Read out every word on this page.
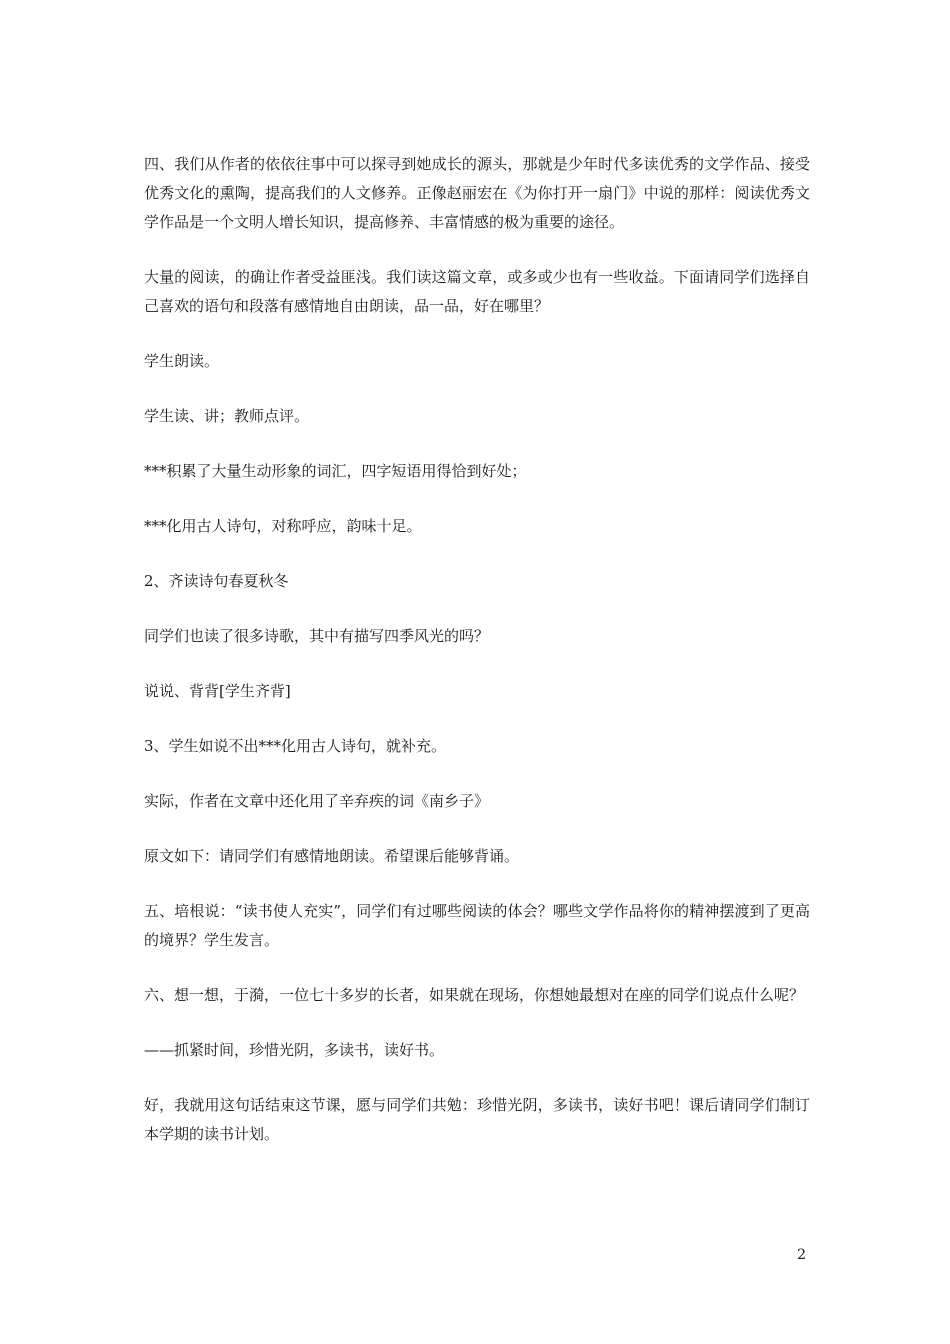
四、我们从作者的依依往事中可以探寻到她成长的源头，那就是少年时代多读优秀的文学作品、接受优秀文化的熏陶，提高我们的人文修养。正像赵丽宏在《为你打开一扇门》中说的那样：阅读优秀文学作品是一个文明人增长知识，提高修养、丰富情感的极为重要的途径。

大量的阅读，的确让作者受益匪浅。我们读这篇文章，或多或少也有一些收益。下面请同学们选择自己喜欢的语句和段落有感情地自由朗读，品一品，好在哪里？

学生朗读。

学生读、讲；教师点评。

***积累了大量生动形象的词汇，四字短语用得恰到好处；

***化用古人诗句，对称呼应，韵味十足。

2、齐读诗句春夏秋冬

同学们也读了很多诗歌，其中有描写四季风光的吗？

说说、背背[学生齐背]

3、学生如说不出***化用古人诗句，就补充。

实际，作者在文章中还化用了辛弃疾的词《南乡子》

原文如下：请同学们有感情地朗读。希望课后能够背诵。

五、培根说：“读书使人充实”，同学们有过哪些阅读的体会？哪些文学作品将你的精神摆渡到了更高的境界？学生发言。

六、想一想，于漪，一位七十多岁的长者，如果就在现场，你想她最想对在座的同学们说点什么呢？

——抓紧时间，珍惜光阴，多读书，读好书。

好，我就用这句话结束这节课，愿与同学们共勉：珍惜光阴，多读书，读好书吧！课后请同学们制订本学期的读书计划。

2
